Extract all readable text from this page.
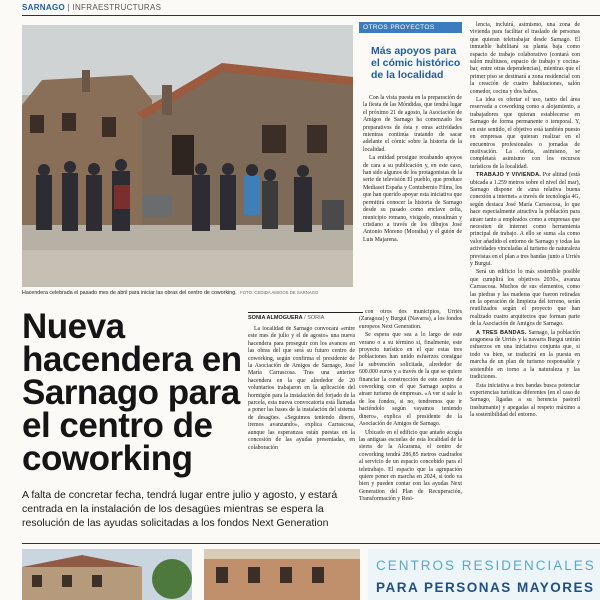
SARNAGO | INFRAESTRUCTURAS
Hacendera celebrada el pasado mes de abril para iniciar las obras del centro de coworking. FOTO: CEDIDA AMIGOS DE SARNAGO
OTROS PROYECTOS
Más apoyos para el cómic histórico de la localidad

Con la vista puesta en la preparación de la fiesta de las Móndidas, que tendrá lugar el próximo 21 de agosto, la Asociación de Amigos de Sarnago ha comenzado los preparativos de ésta y otras actividades mientras continúa tratando de sacar adelante el cómic sobre la historia de la localidad.

La entidad prosigue recabando apoyos de cara a su publicación y, en este caso, han sido algunos de los protagonistas de la serie de televisión El pueblo, que produce Mediaset España y Contubernio Films, los que han querido apoyar esta iniciativa que permitirá conocer la historia de Sarnago desde su pasado como enclave celta, municipio romano, visigodo, musulmán y cristiano a través de los dibujos José Antonio Moreno (Moratha) y el guión de Luis Majarena.

lencia, incluirá, asimismo, una zona de vivienda para facilitar el traslado de personas que quieran teletrabajar desde Sarnago. El inmueble habilitará su planta baja como espacio de trabajo colaborativo (contará con salón multiusos, espacio de trabajo y cocina-bar, entre otras dependencias), mientras que el primer piso se destinará a zona residencial con la creación de cuatro habitaciones, salón comedor, cocina y dos baños.

La idea es ofertar el uso, tanto del área reservada a coworking como a alojamiento, a trabajadores que quieran establecerse en Sarnago de forma permanente o temporal. Y, en este sentido, el objetivo está también puesto en empresas que quieran realizar en el encuentros profesionales o jornadas de motivación. La oferta, asimismo, se completará asimismo con los recursos turísticos de la localidad.

TRABAJO Y VIVIENDA. Por altitud (está ubicada a 1.259 metros sobre el nivel del mar), Sarnago dispone de «una relativa buena conexión a internet» a través de tecnología 4G, según destaca José María Carrascosa, lo que hace especialmente atractiva la población para atraer tanto a empleados como a empresas que necesiten de internet como herramienta principal de trabajo. A ello se suma «la como valor añadido el entorno de Sarnago y todas las actividades vinculadas al turismo de naturaleza previstas en el plan a tres bandas junto a Urriés y Burgui.

Será un edificio lo más sostenible posible que cumplirá los objetivos 2030», avanza Carrascosa. Muchos de sus elementos, como las piedras y las maderas que fueron retiradas en la operación de limpieza del terreno, serán reutilizados según el proyecto que han realizado cuatro arquitectos que forman parte de la Asociación de Amigos de Sarnago.

A TRES BANDAS. Sarnago, la población aragonesa de Urriés y la navarra Burgui unirán esfuerzos en una iniciativa conjunta que, si todo va bien, se traducirá en la puesta en marcha de un plan de turismo responsable y sostenible en torno a la naturaleza y las tradiciones.

Esta iniciativa a tres bandas busca potenciar experiencias turísticas diferentes (en el caso de Sarnago, ligadas a su herencia pastoril trashumante) y apegadas al respeto máximo a la sostenibilidad del entorno.

Nueva hacendera en Sarnago para el centro de coworking
A falta de concretar fecha, tendrá lugar entre julio y agosto, y estará centrada en la instalación de los desagües mientras se espera la resolución de las ayudas solicitadas a los fondos Next Generation
SONIA ALMOGUERA / SORIA

La localidad de Sarnago convocará «entre este mes de julio y el de agosto» una nueva hacendera para proseguir con los avances en las obras del que será su futuro centro de coworking, según confirma el presidente de la Asociación de Amigos de Sarnago, José María Carrascosa. Tras una anterior hacendera en la que alrededor de 20 voluntarios trabajaron en la aplicación del hormigón para la instalación del forjado de la parcela, esta nueva convocatoria está llamada a poner las bases de la instalación del sistema de desagües. «Seguimos teniendo dinero, iremos avanzando», explica Carrascosa, aunque las esperanzas están puestas en la concesión de las ayudas presentadas, en colaboración

con otros dos municipios, Urriés (Zaragoza) y Burgui (Navarra), a los fondos europeos Next Generation.

Se espera que sea a lo largo de este verano o a su término si, finalmente, este proyecto turístico en el que estas tres poblaciones han unido esfuerzos consigue la subvención solicitada, alrededor de 600.000 euros y a través de la que se quiere financiar la construcción de este centro de coworking con el que Sarnago aspira a atraer turismo de empresas. «A ver si sale lo de los fondos, si no, tendremos que ir haciéndolo según vayamos teniendo dinero», explica el presidente de la Asociación de Amigos de Sarnago.

Ubicado en el edificio que antaño acogía las antiguas escuelas de esta localidad de la sierra de la Alcarama, el centro de coworking tendrá 286,85 metros cuadrados al servicio de un espacio concebido para el teletrabajo. El espacio que la agrupación quiere poner en marcha en 2024, si todo va bien y pueden contar con las ayudas Next Generation del Plan de Recuperación, Transformación y Resi-

CENTROS RESIDENCIALES
PARA PERSONAS MAYORES
